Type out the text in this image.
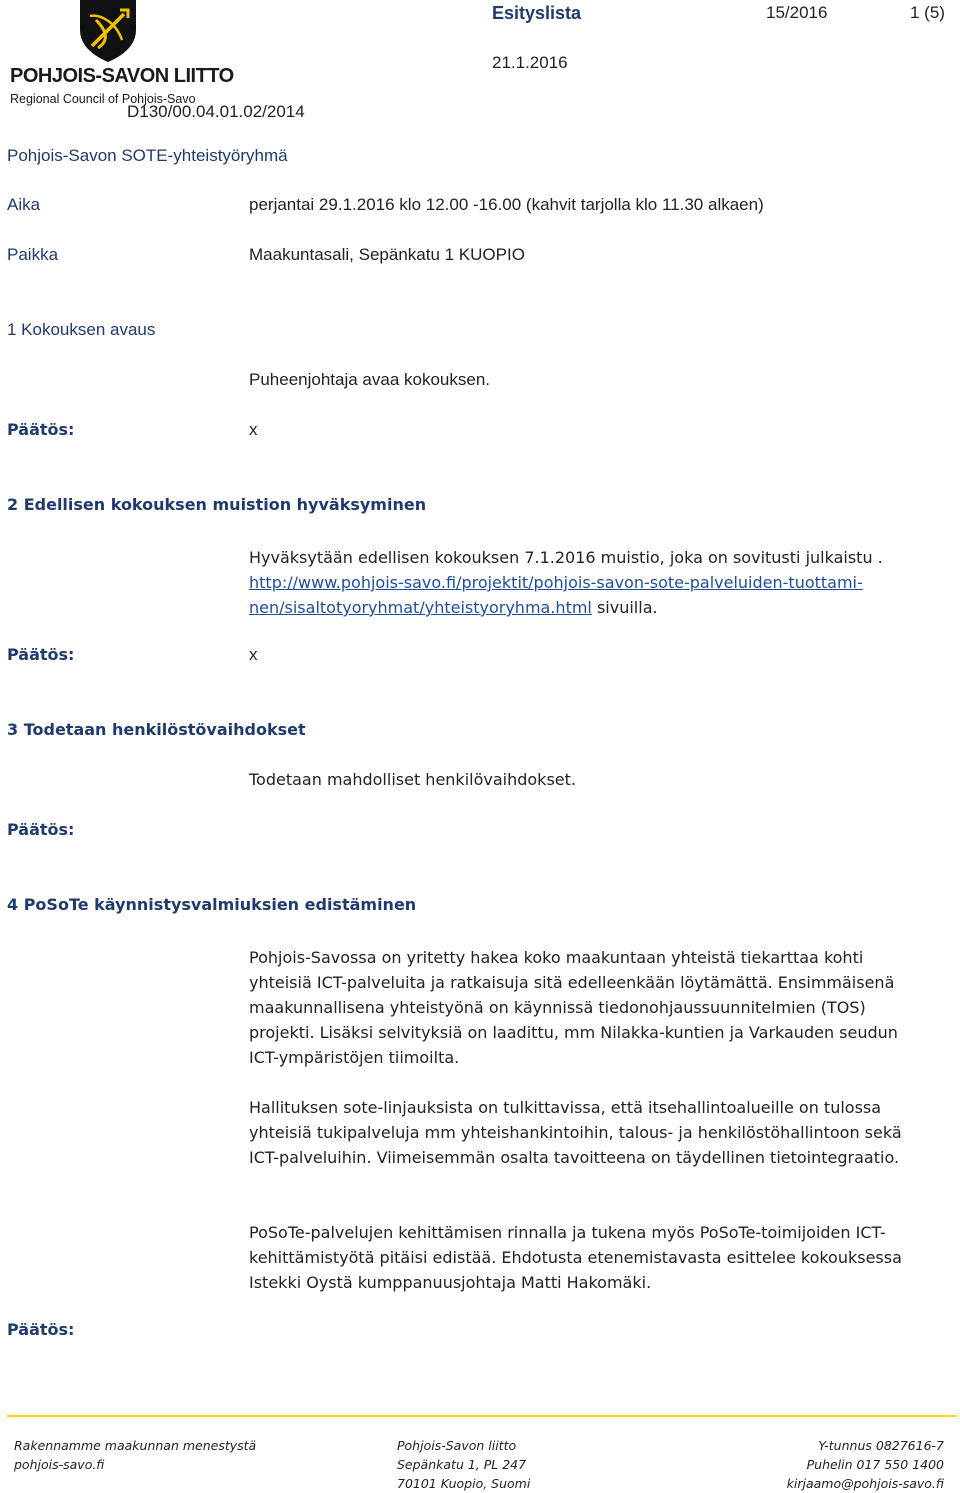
POHJOIS-SAVON LIITTO
Regional Council of Pohjois-Savo
Esityslista	15/2016	1 (5)
21.1.2016
D130/00.04.01.02/2014
Pohjois-Savon SOTE-yhteistyöryhmä
Aika	perjantai 29.1.2016 klo 12.00 -16.00 (kahvit tarjolla klo 11.30 alkaen)
Paikka	Maakuntasali, Sepänkatu 1 KUOPIO
1 Kokouksen avaus
Puheenjohtaja avaa kokouksen.
Päätös:	x
2 Edellisen kokouksen muistion hyväksyminen
Hyväksytään edellisen kokouksen 7.1.2016 muistio, joka on sovitusti julkaistu .
http://www.pohjois-savo.fi/projektit/pohjois-savon-sote-palveluiden-tuottami-
nen/sisaltotyoryhmat/yhteistyoryhma.html sivuilla.
Päätös:	x
3 Todetaan henkilöstövaihdokset
Todetaan mahdolliset henkilövaihdokset.
Päätös:
4 PoSoTe käynnistysvalmiuksien edistäminen
Pohjois-Savossa on yritetty hakea koko maakuntaan yhteistä tiekarttaa kohti yhteisiä ICT-palveluita ja ratkaisuja sitä edelleenkään löytämättä. Ensimmäisenä maakunnallisena yhteistyönä on käynnissä tiedonohjaussuunnitelmien (TOS) projekti. Lisäksi selvityksiä on laadittu, mm Nilakka-kuntien ja Varkauden seudun ICT-ympäristöjen tiimoilta.
Hallituksen sote-linjauksista on tulkittavissa, että itsehallintoalueille on tulossa yhteisiä tukipalveluja mm yhteishankintoihin, talous- ja henkilöstöhallintoon sekä ICT-palveluihin. Viimeisemmän osalta tavoitteena on täydellinen tietointegraatio.
PoSoTe-palvelujen kehittämisen rinnalla ja tukena myös PoSoTe-toimijoiden ICT-kehittämistyötä pitäisi edistää. Ehdotusta etenemistavasta esittelee kokouksessa Istekki Oystä kumppanuusjohtaja Matti Hakomäki.
Päätös:
Rakennamme maakunnan menestystä
pohjois-savo.fi
Pohjois-Savon liitto
Sepänkatu 1, PL 247
70101 Kuopio, Suomi
Y-tunnus 0827616-7
Puhelin 017 550 1400
kirjaamo@pohjois-savo.fi
